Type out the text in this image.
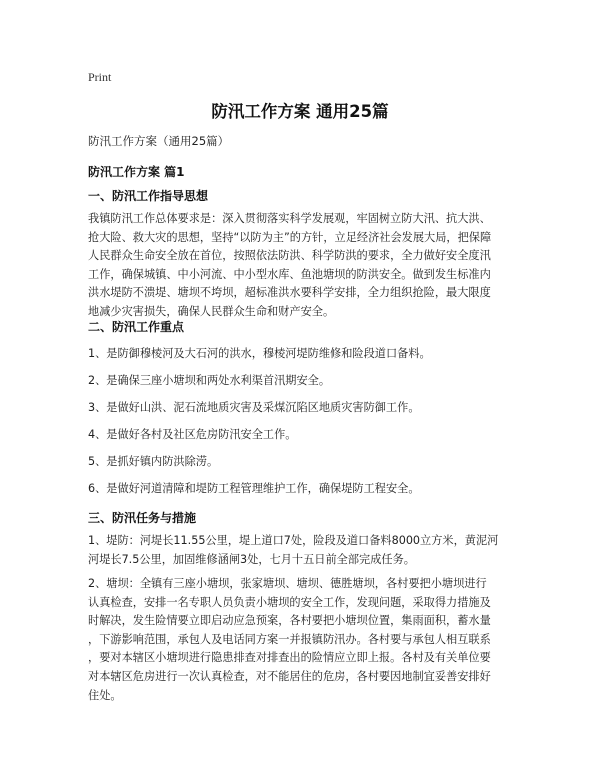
Print
防汛工作方案 通用25篇
防汛工作方案（通用25篇）
防汛工作方案 篇1
一、防汛工作指导思想
我镇防汛工作总体要求是：深入贯彻落实科学发展观，牢固树立防大汛、抗大洪、
抢大险、救大灾的思想，坚持“以防为主”的方针，立足经济社会发展大局，把保障
人民群众生命安全放在首位，按照依法防洪、科学防洪的要求，全力做好安全度汛
工作，确保城镇、中小河流、中小型水库、鱼池塘坝的防洪安全。做到发生标准内
洪水堤防不溃堤、塘坝不垮坝，超标准洪水要科学安排，全力组织抢险，最大限度
地减少灾害损失，确保人民群众生命和财产安全。
二、防汛工作重点
1、是防御穆棱河及大石河的洪水，穆棱河堤防维修和险段道口备料。
2、是确保三座小塘坝和两处水利渠首汛期安全。
3、是做好山洪、泥石流地质灾害及采煤沉陷区地质灾害防御工作。
4、是做好各村及社区危房防汛安全工作。
5、是抓好镇内防洪除涝。
6、是做好河道清障和堤防工程管理维护工作，确保堤防工程安全。
三、防汛任务与措施
1、堤防：河堤长11.55公里，堤上道口7处，险段及道口备料8000立方米，黄泥河
河堤长7.5公里，加固维修涵闸3处，七月十五日前全部完成任务。
2、塘坝：全镇有三座小塘坝，张家塘坝、塘坝、德胜塘坝，各村要把小塘坝进行
认真检查，安排一名专职人员负责小塘坝的安全工作，发现问题，采取得力措施及
时解决，发生险情要立即启动应急预案，各村要把小塘坝位置，集雨面积，蓄水量
，下游影响范围，承包人及电话同方案一并报镇防汛办。各村要与承包人相互联系
，要对本辖区小塘坝进行隐患排查对排查出的险情应立即上报。各村及有关单位要
对本辖区危房进行一次认真检查，对不能居住的危房，各村要因地制宜妥善安排好
住处。
